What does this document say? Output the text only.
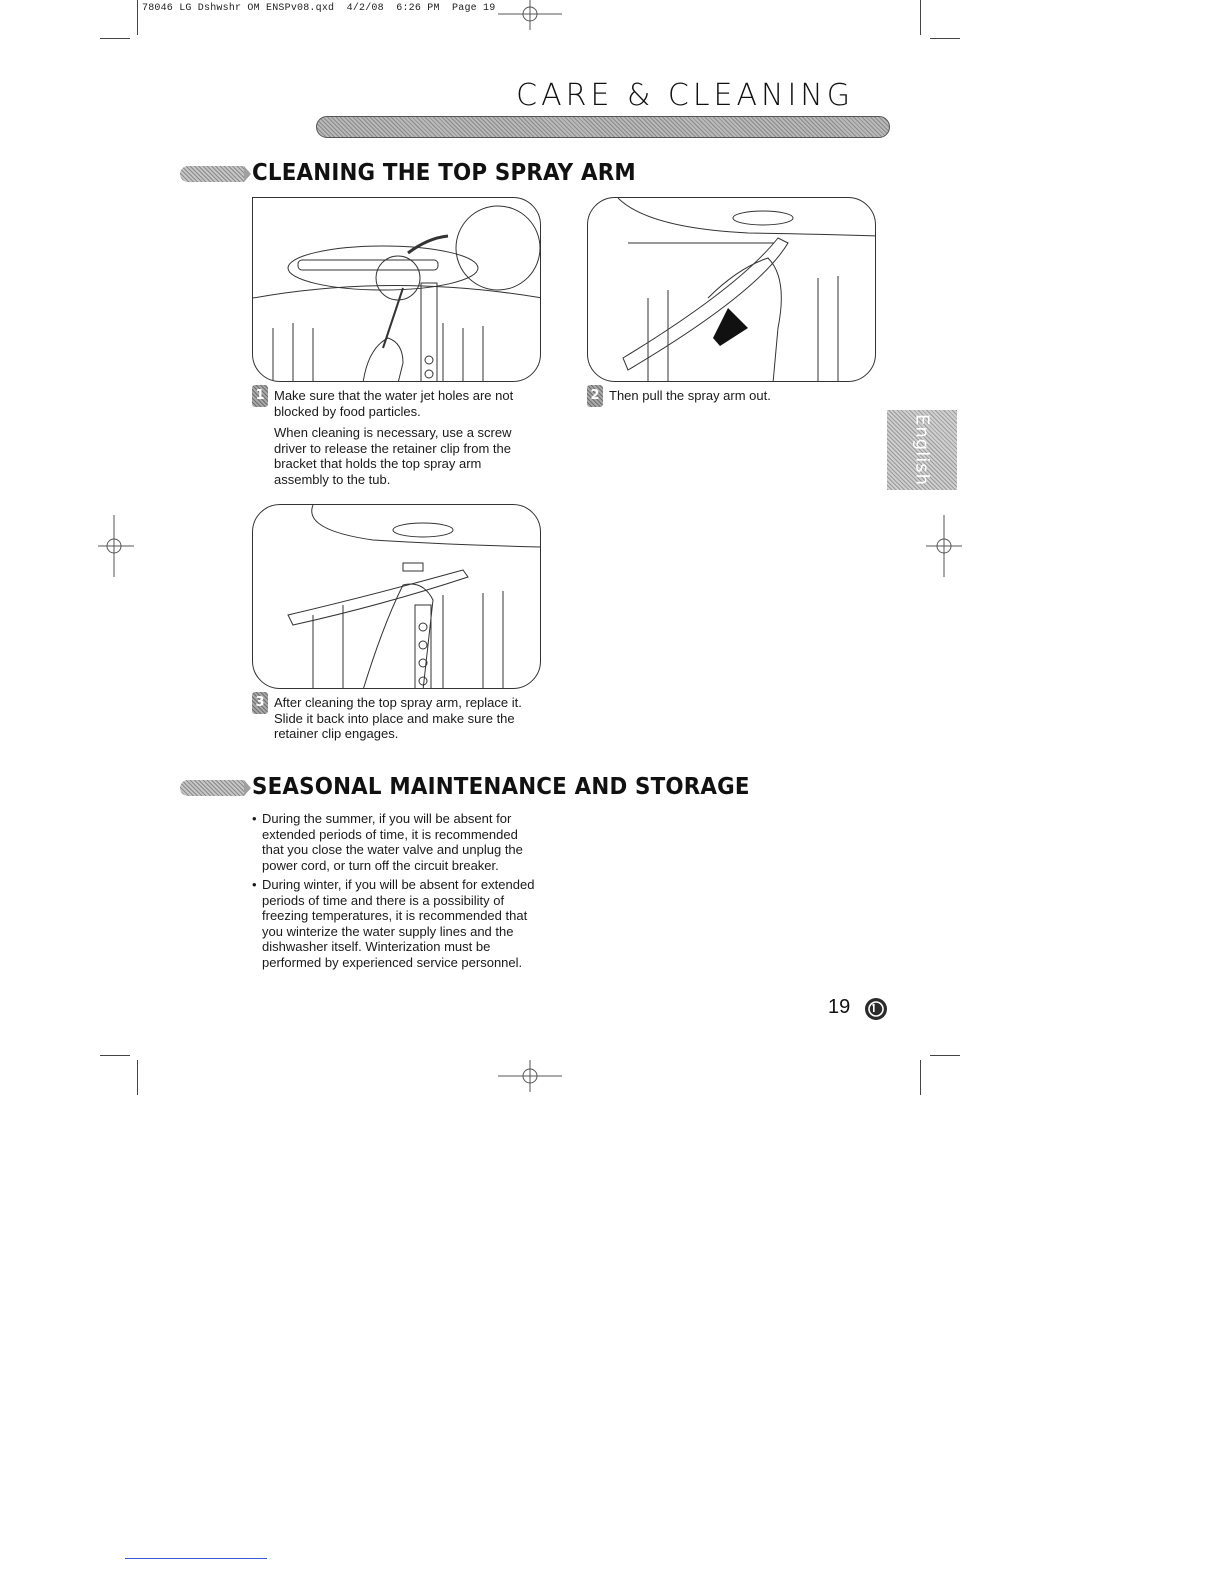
78046 LG Dshwshr OM ENSPv08.qxd  4/2/08  6:26 PM  Page 19
CARE & CLEANING
CLEANING THE TOP SPRAY ARM
1 Make sure that the water jet holes are not blocked by food particles.

When cleaning is necessary, use a screw driver to release the retainer clip from the bracket that holds the top spray arm assembly to the tub.

2 Then pull the spray arm out.

3 After cleaning the top spray arm, replace it. Slide it back into place and make sure the retainer clip engages.

SEASONAL MAINTENANCE AND STORAGE
• During the summer, if you will be absent for extended periods of time, it is recommended that you close the water valve and unplug the power cord, or turn off the circuit breaker.
• During winter, if you will be absent for extended periods of time and there is a possibility of freezing temperatures, it is recommended that you winterize the water supply lines and the dishwasher itself. Winterization must be performed by experienced service personnel.
English
19
